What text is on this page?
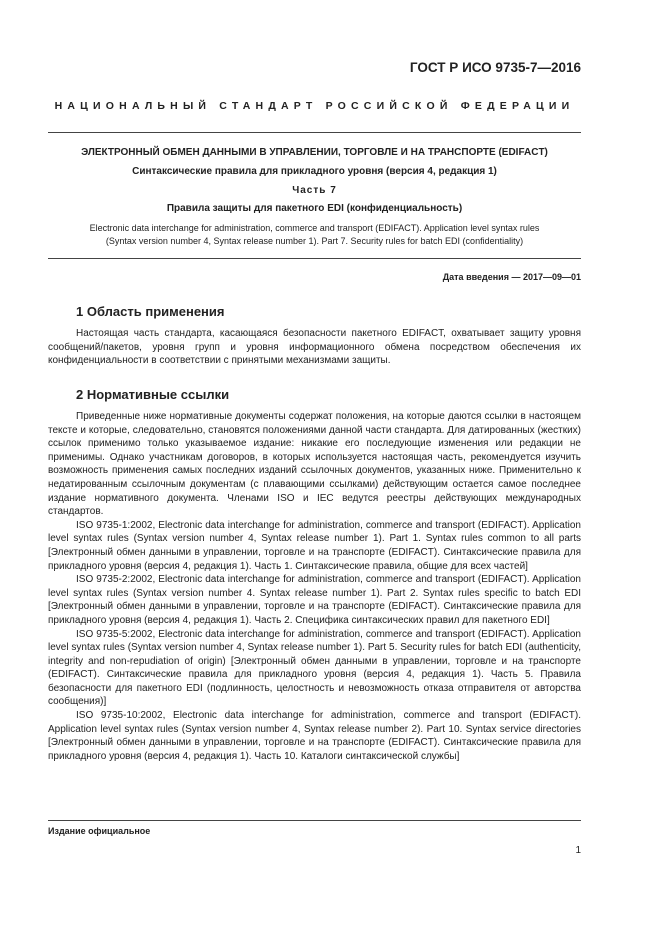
ГОСТ Р ИСО 9735-7—2016
НАЦИОНАЛЬНЫЙ СТАНДАРТ РОССИЙСКОЙ ФЕДЕРАЦИИ
ЭЛЕКТРОННЫЙ ОБМЕН ДАННЫМИ В УПРАВЛЕНИИ, ТОРГОВЛЕ И НА ТРАНСПОРТЕ (EDIFACT)
Синтаксические правила для прикладного уровня (версия 4, редакция 1)
Часть 7
Правила защиты для пакетного EDI (конфиденциальность)
Electronic data interchange for administration, commerce and transport (EDIFACT). Application level syntax rules
(Syntax version number 4, Syntax release number 1). Part 7. Security rules for batch EDI (confidentiality)
Дата введения — 2017—09—01
1 Область применения

Настоящая часть стандарта, касающаяся безопасности пакетного EDIFACT, охватывает защиту уровня сообщений/пакетов, уровня групп и уровня информационного обмена посредством обеспечения их конфиденциальности в соответствии с принятыми механизмами защиты.

2 Нормативные ссылки

Приведенные ниже нормативные документы содержат положения, на которые даются ссылки в настоящем тексте и которые, следовательно, становятся положениями данной части стандарта. Для датированных (жестких) ссылок применимо только указываемое издание: никакие его последующие изменения или редакции не применимы. Однако участникам договоров, в которых используется настоящая часть, рекомендуется изучить возможность применения самых последних изданий ссылочных документов, указанных ниже. Применительно к недатированным ссылочным документам (с плавающими ссылками) действующим остается самое последнее издание нормативного документа. Членами ISO и IEC ведутся реестры действующих международных стандартов.

ISO 9735-1:2002, Electronic data interchange for administration, commerce and transport (EDIFACT). Application level syntax rules (Syntax version number 4, Syntax release number 1). Part 1. Syntax rules common to all parts [Электронный обмен данными в управлении, торговле и на транспорте (EDIFACT). Синтаксические правила для прикладного уровня (версия 4, редакция 1). Часть 1. Синтаксические правила, общие для всех частей]

ISO 9735-2:2002, Electronic data interchange for administration, commerce and transport (EDIFACT). Application level syntax rules (Syntax version number 4. Syntax release number 1). Part 2. Syntax rules specific to batch EDI [Электронный обмен данными в управлении, торговле и на транспорте (EDIFACT). Синтаксические правила для прикладного уровня (версия 4, редакция 1). Часть 2. Специфика синтаксических правил для пакетного EDI]

ISO 9735-5:2002, Electronic data interchange for administration, commerce and transport (EDIFACT). Application level syntax rules (Syntax version number 4, Syntax release number 1). Part 5. Security rules for batch EDI (authenticity, integrity and non-repudiation of origin) [Электронный обмен данными в управлении, торговле и на транспорте (EDIFACT). Синтаксические правила для прикладного уровня (версия 4, редакция 1). Часть 5. Правила безопасности для пакетного EDI (подлинность, целостность и невозможность отказа отправителя от авторства сообщения)]

ISO 9735-10:2002, Electronic data interchange for administration, commerce and transport (EDIFACT). Application level syntax rules (Syntax version number 4, Syntax release number 2). Part 10. Syntax service directories [Электронный обмен данными в управлении, торговле и на транспорте (EDIFACT). Синтаксические правила для прикладного уровня (версия 4, редакция 1). Часть 10. Каталоги синтаксической службы]

Издание официальное
1
